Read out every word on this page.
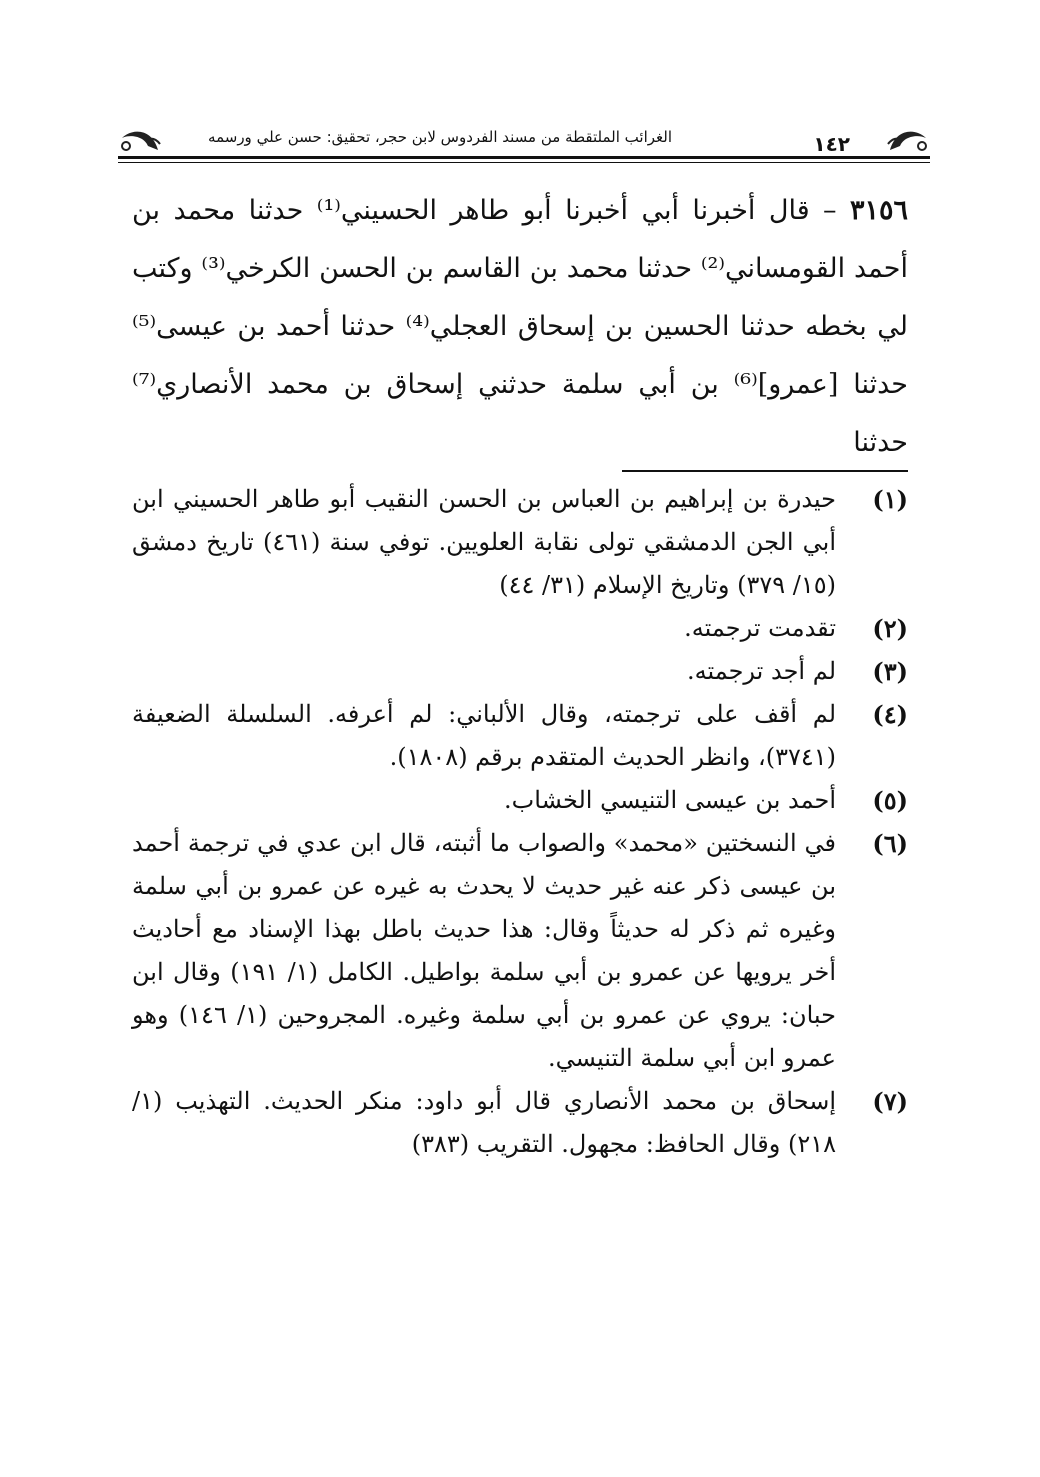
١٤٢
الغرائب الملتقطة من مسند الفردوس لابن حجر، تحقيق: حسن علي ورسمه

٣١٥٦ – قال أخبرنا أبي أخبرنا أبو طاهر الحسيني⁽¹⁾ حدثنا محمد بن أحمد القومساني⁽²⁾ حدثنا محمد بن القاسم بن الحسن الكرخي⁽³⁾ وكتب لي بخطه حدثنا الحسين بن إسحاق العجلي⁽⁴⁾ حدثنا أحمد بن عيسى⁽⁵⁾ حدثنا [عمرو]⁽⁶⁾ بن أبي سلمة حدثني إسحاق بن محمد الأنصاري⁽⁷⁾ حدثنا

(١)
حيدرة بن إبراهيم بن العباس بن الحسن النقيب أبو طاهر الحسيني ابن أبي الجن الدمشقي تولى نقابة العلويين. توفي سنة (٤٦١) تاريخ دمشق (١٥/ ٣٧٩) وتاريخ الإسلام (٣١/ ٤٤)
(٢)
تقدمت ترجمته.
(٣)
لم أجد ترجمته.
(٤)
لم أقف على ترجمته، وقال الألباني: لم أعرفه. السلسلة الضعيفة (٣٧٤١)، وانظر الحديث المتقدم برقم (١٨٠٨).
(٥)
أحمد بن عيسى التنيسي الخشاب.
(٦)
في النسختين «محمد» والصواب ما أثبته، قال ابن عدي في ترجمة أحمد بن عيسى ذكر عنه غير حديث لا يحدث به غيره عن عمرو بن أبي سلمة وغيره ثم ذكر له حديثاً وقال: هذا حديث باطل بهذا الإسناد مع أحاديث أخر يرويها عن عمرو بن أبي سلمة بواطيل. الكامل (١/ ١٩١) وقال ابن حبان: يروي عن عمرو بن أبي سلمة وغيره. المجروحين (١/ ١٤٦) وهو عمرو ابن أبي سلمة التنيسي.
(٧)
إسحاق بن محمد الأنصاري قال أبو داود: منكر الحديث. التهذيب (١/ ٢١٨) وقال الحافظ: مجهول. التقريب (٣٨٣)
